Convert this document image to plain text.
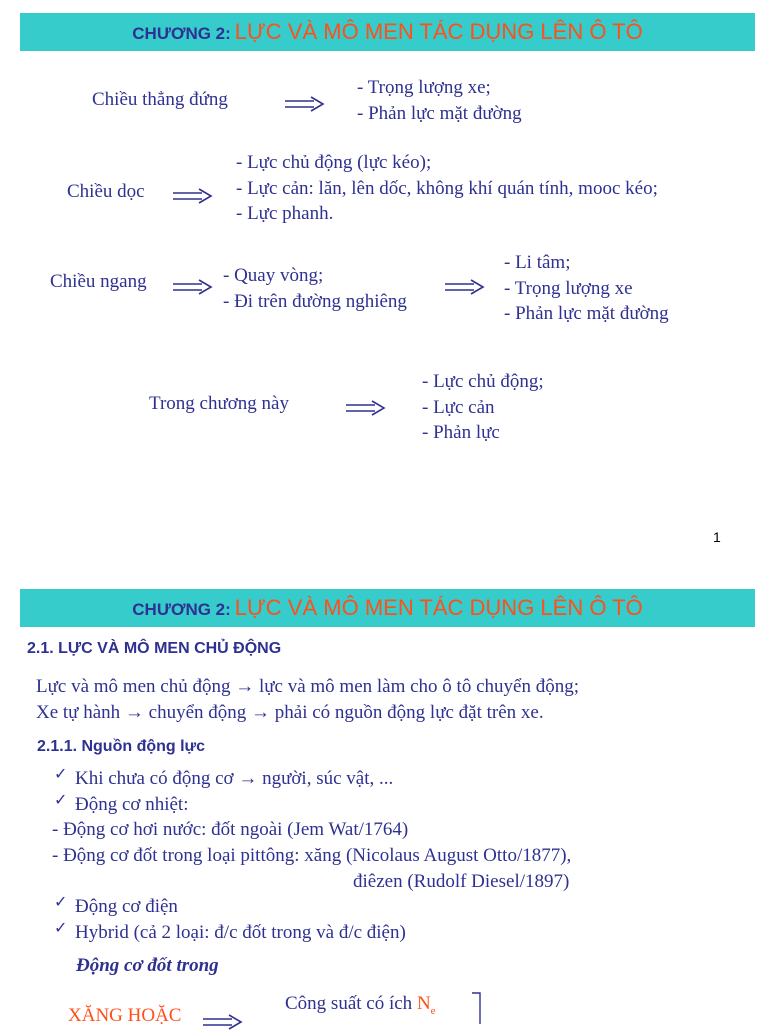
CHƯƠNG 2: LỰC VÀ MÔ MEN TÁC DỤNG LÊN Ô TÔ
Chiều thẳng đứng
- Trọng lượng xe;
- Phản lực mặt đường
Chiều dọc
- Lực chủ động (lực kéo);
- Lực cản: lăn, lên dốc, không khí quán tính, mooc kéo;
- Lực phanh.
Chiều ngang	- Quay vòng;
- Đi trên đường nghiêng
- Li tâm;
- Trọng lượng xe
- Phản lực mặt đường
Trong chương này
- Lực chủ động;
- Lực cản
- Phản lực
1
CHƯƠNG 2: LỰC VÀ MÔ MEN TÁC DỤNG LÊN Ô TÔ
2.1. LỰC VÀ MÔ MEN CHỦ ĐỘNG
Lực và mô men chủ động → lực và mô men làm cho ô tô chuyển động;
Xe tự hành → chuyển động → phải có nguồn động lực đặt trên xe.
2.1.1. Nguồn động lực
✓ Khi chưa có động cơ → người, súc vật, ...
✓ Động cơ nhiệt:
- Động cơ hơi nước: đốt ngoài (Jem Wat/1764)
- Động cơ đốt trong loại pittông: xăng (Nicolaus August Otto/1877),
điêzen (Rudolf Diesel/1897)
✓ Động cơ điện
✓ Hybrid (cả 2 loại: đ/c đốt trong và đ/c điện)
Động cơ đốt trong
XĂNG HOẶC
Công suất có ích $N_e$
